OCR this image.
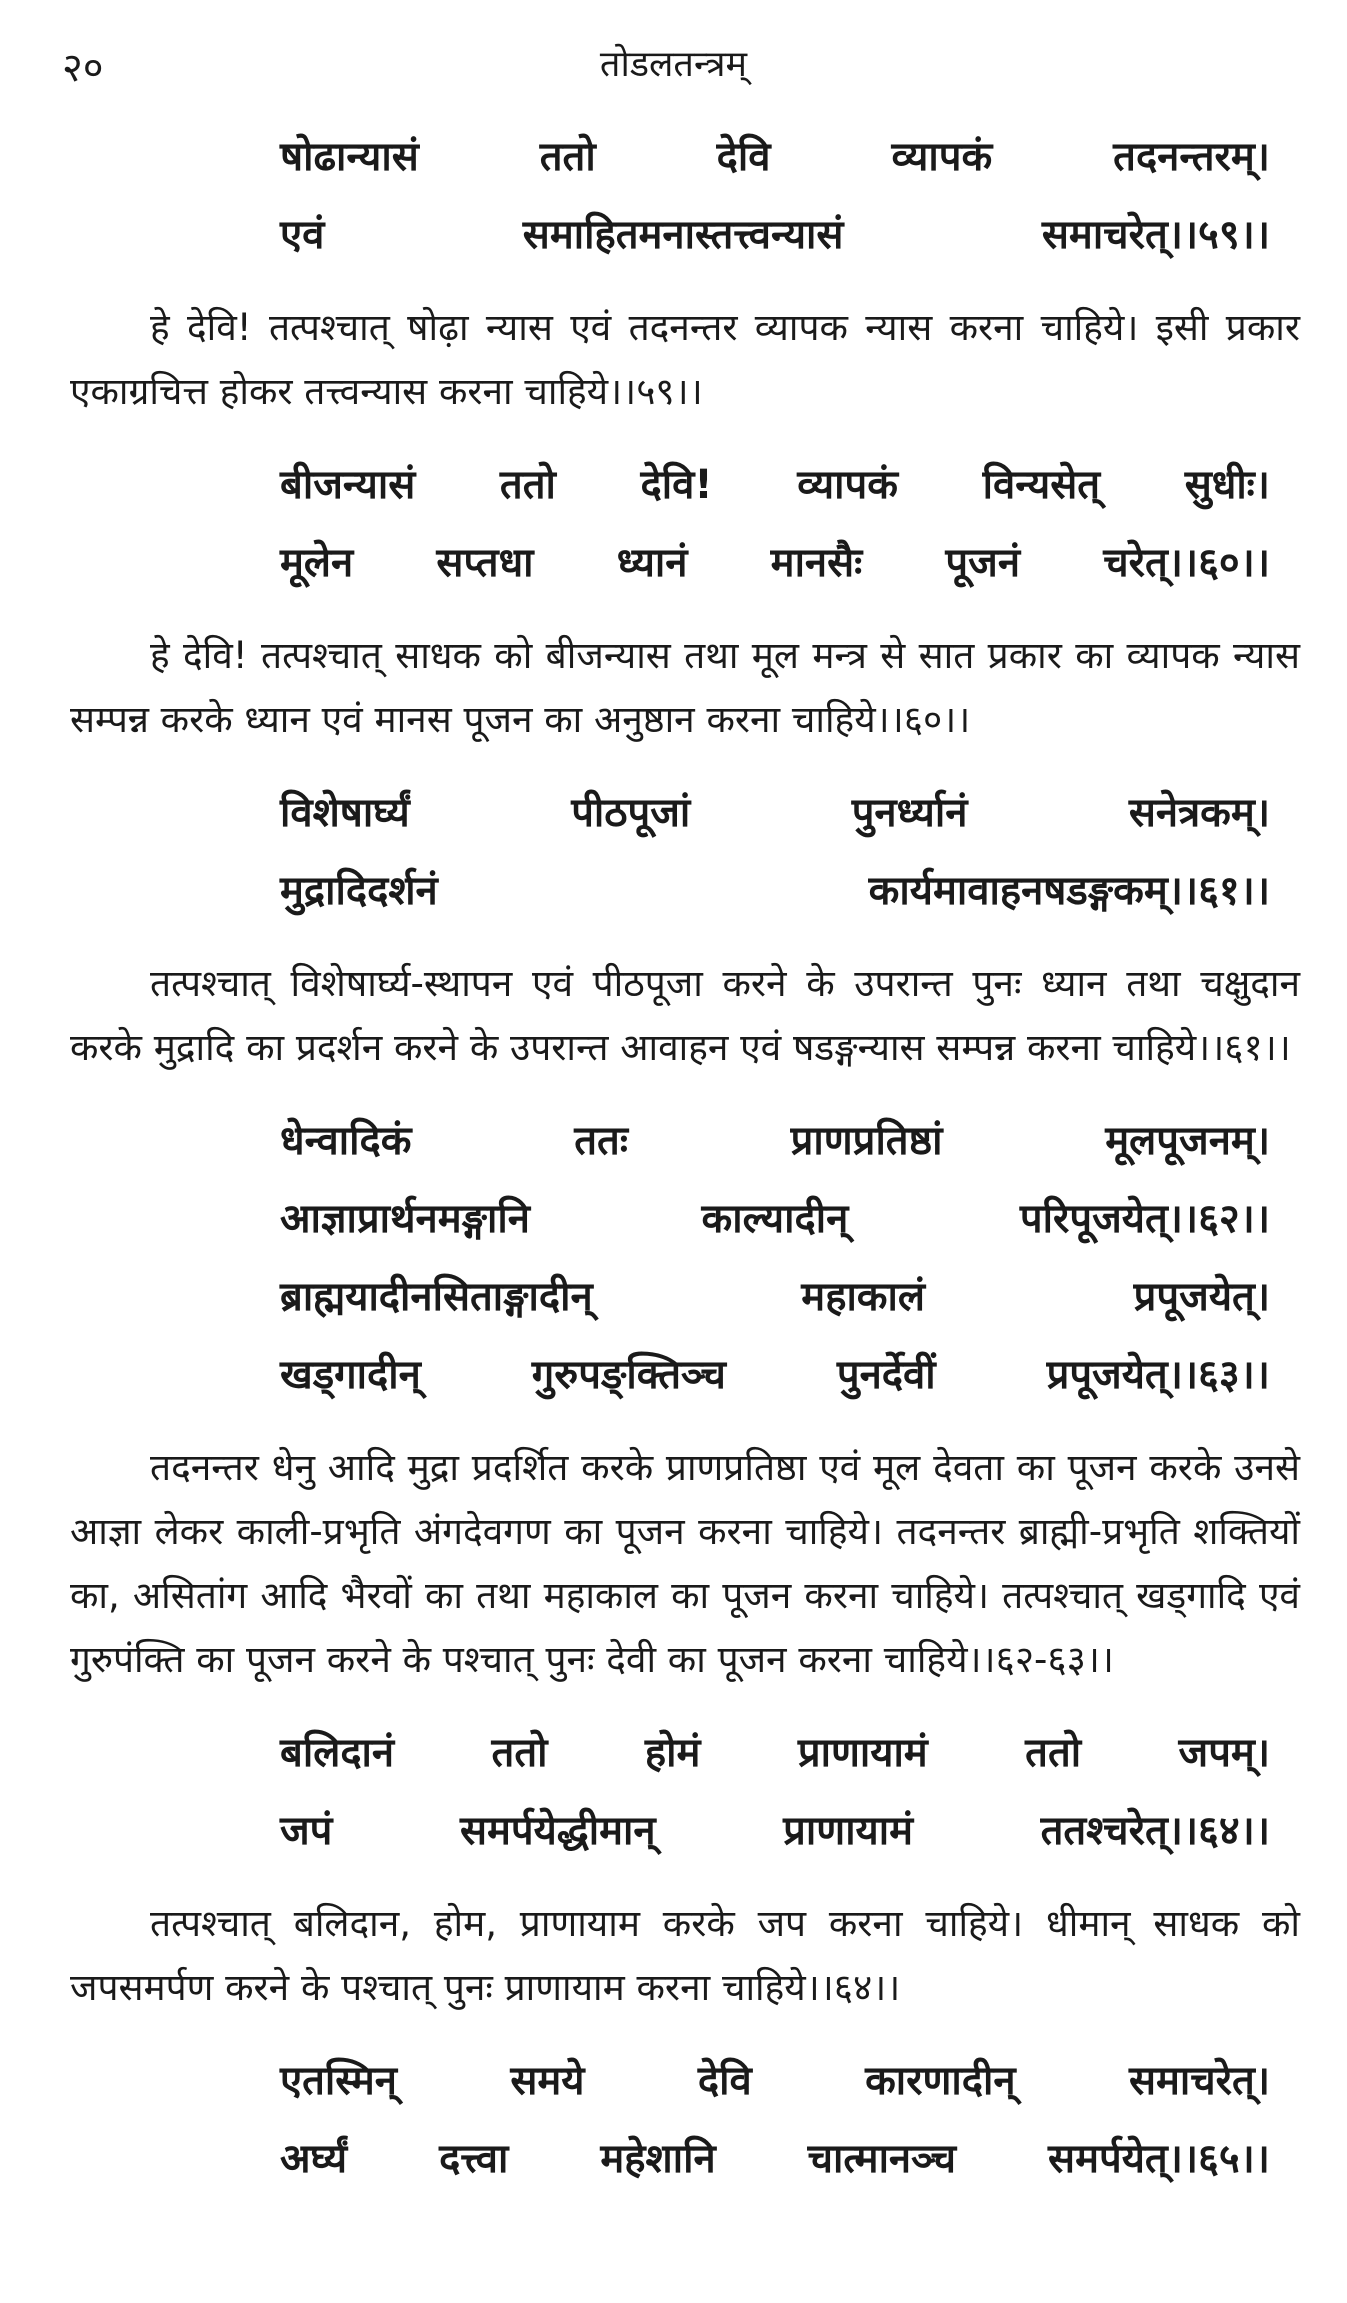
२०	तोडलतन्त्रम्
षोढान्यासं	ततो	देवि	व्यापकं	तदनन्तरम्।
एवं	समाहितमनास्तत्त्वन्यासं	समाचरेत्।।५९।।

हे देवि! तत्पश्चात् षोढ़ा न्यास एवं तदनन्तर व्यापक न्यास करना चाहिये। इसी प्रकार एकाग्रचित्त होकर तत्त्वन्यास करना चाहिये।।५९।।

बीजन्यासं ततो देवि! व्यापकं विन्यसेत् सुधीः।
मूलेन सप्तधा ध्यानं मानसैः पूजनं चरेत्।।६०।।

हे देवि! तत्पश्चात् साधक को बीजन्यास तथा मूल मन्त्र से सात प्रकार का व्यापक न्यास सम्पन्न करके ध्यान एवं मानस पूजन का अनुष्ठान करना चाहिये।।६०।।

विशेषार्घ्यं	पीठपूजां	पुनर्ध्यानं	सनेत्रकम्।
मुद्रादिदर्शनं	कार्यमावाहनषडङ्गकम्।।६१।।

तत्पश्चात् विशेषार्घ्य-स्थापन एवं पीठपूजा करने के उपरान्त पुनः ध्यान तथा चक्षुदान करके मुद्रादि का प्रदर्शन करने के उपरान्त आवाहन एवं षडङ्गन्यास सम्पन्न करना चाहिये।।६१।।

धेन्वादिकं	ततः	प्राणप्रतिष्ठां	मूलपूजनम्।
आज्ञाप्रार्थनमङ्गानि	काल्यादीन्	परिपूजयेत्।।६२।।
ब्राह्मयादीनसिताङ्गादीन्	महाकालं	प्रपूजयेत्।
खड्गादीन्	गुरुपङ्क्तिञ्च	पुनर्देवीं	प्रपूजयेत्।।६३।।

तदनन्तर धेनु आदि मुद्रा प्रदर्शित करके प्राणप्रतिष्ठा एवं मूल देवता का पूजन करके उनसे आज्ञा लेकर काली-प्रभृति अंगदेवगण का पूजन करना चाहिये। तदनन्तर ब्राह्मी-प्रभृति शक्तियों का, असितांग आदि भैरवों का तथा महाकाल का पूजन करना चाहिये। तत्पश्चात् खड्गादि एवं गुरुपंक्ति का पूजन करने के पश्चात् पुनः देवी का पूजन करना चाहिये।।६२-६३।।

बलिदानं ततो होमं प्राणायामं ततो जपम्।
जपं	समर्पयेद्धीमान्	प्राणायामं	ततश्चरेत्।।६४।।

तत्पश्चात् बलिदान, होम, प्राणायाम करके जप करना चाहिये। धीमान् साधक को जपसमर्पण करने के पश्चात् पुनः प्राणायाम करना चाहिये।।६४।।

एतस्मिन्	समये	देवि	कारणादीन्	समाचरेत्।
अर्घ्यं दत्त्वा महेशानि चात्मानञ्च समर्पयेत्।।६५।।
